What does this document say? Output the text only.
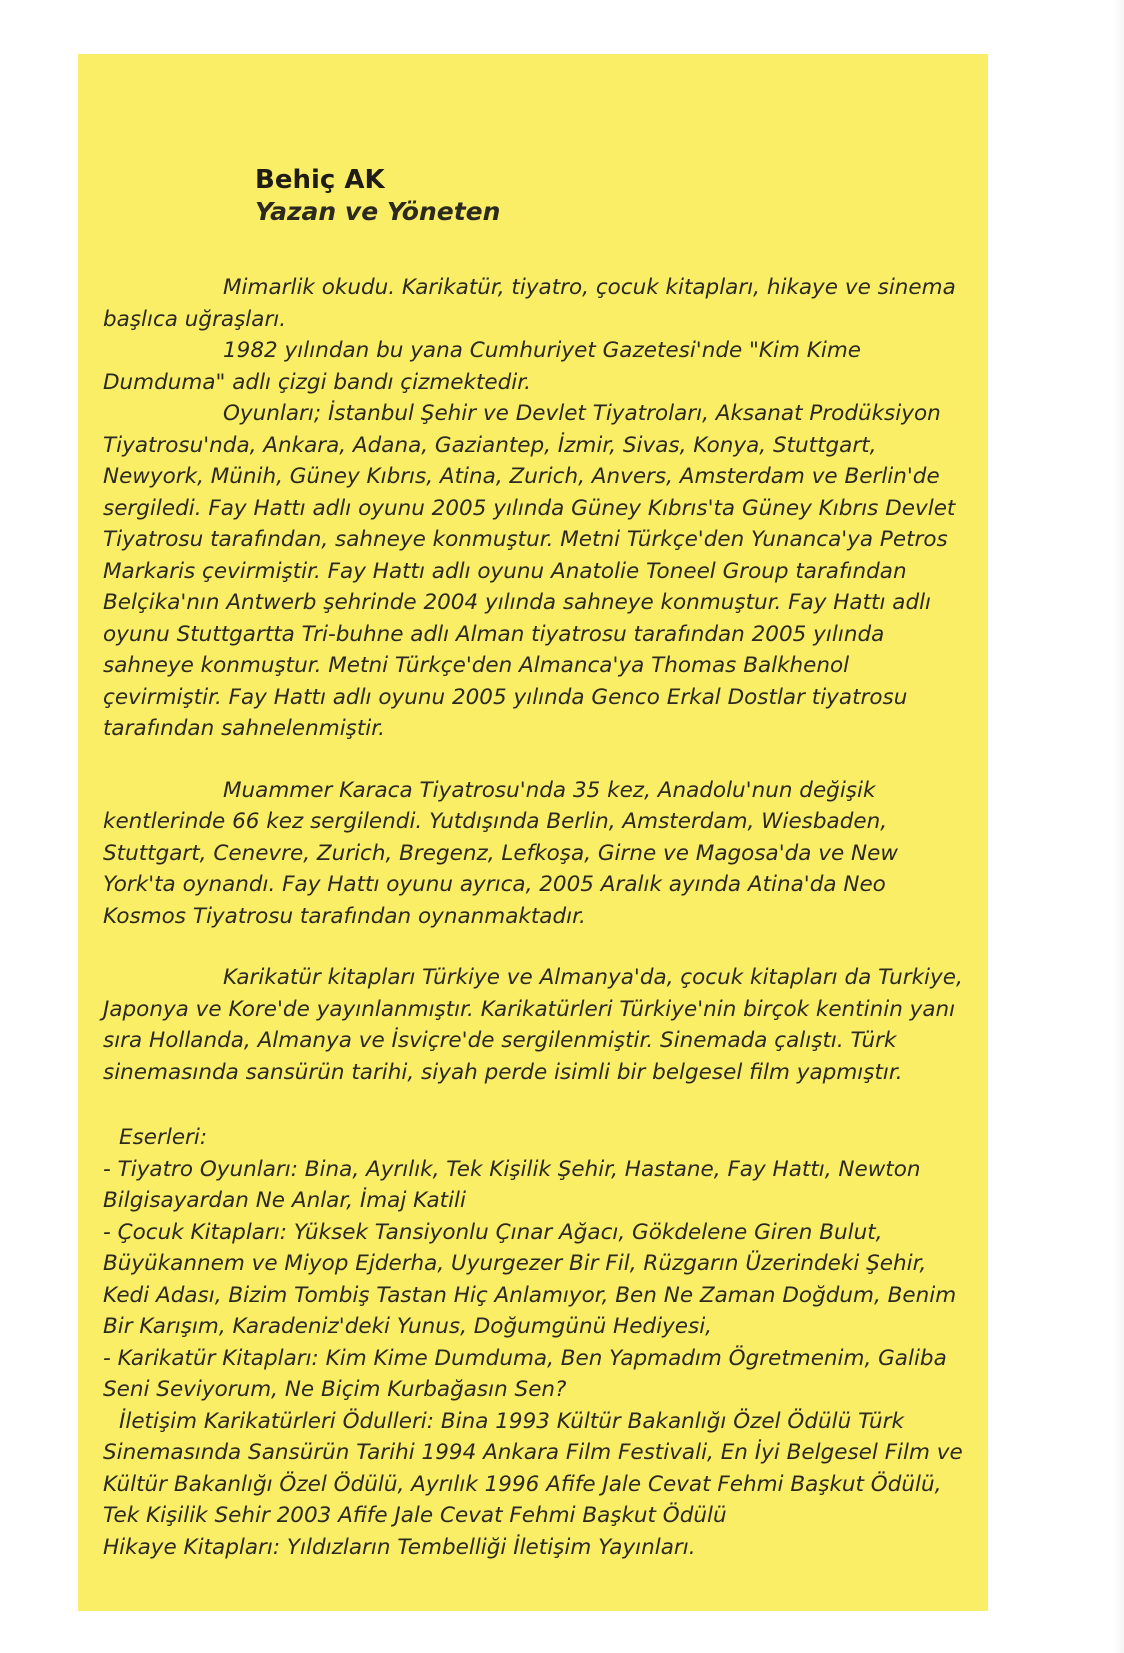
Behiç AK
Yazan ve Yöneten

Mimarlik okudu. Karikatür, tiyatro, çocuk kitapları, hikaye ve sinema başlıca uğraşları.

1982 yılından bu yana Cumhuriyet Gazetesi'nde "Kim Kime Dumduma" adlı çizgi bandı çizmektedir.

Oyunları; İstanbul Şehir ve Devlet Tiyatroları, Aksanat Prodüksiyon Tiyatrosu'nda, Ankara, Adana, Gaziantep, İzmir, Sivas, Konya, Stuttgart, Newyork, Münih, Güney Kıbrıs, Atina, Zurich, Anvers, Amsterdam ve Berlin'de sergiledi. Fay Hattı adlı oyunu 2005 yılında Güney Kıbrıs'ta Güney Kıbrıs Devlet Tiyatrosu tarafından, sahneye konmuştur. Metni Türkçe'den Yunanca'ya Petros Markaris çevirmiştir. Fay Hattı adlı oyunu Anatolie Toneel Group tarafından Belçika'nın Antwerb şehrinde 2004 yılında sahneye konmuştur. Fay Hattı adlı oyunu Stuttgartta Tri-buhne adlı Alman tiyatrosu tarafından 2005 yılında sahneye konmuştur. Metni Türkçe'den Almanca'ya Thomas Balkhenol çevirmiştir. Fay Hattı adlı oyunu 2005 yılında Genco Erkal Dostlar tiyatrosu tarafından sahnelenmiştir.

Muammer Karaca Tiyatrosu'nda 35 kez, Anadolu'nun değişik kentlerinde 66 kez sergilendi. Yutdışında Berlin, Amsterdam, Wiesbaden, Stuttgart, Cenevre, Zurich, Bregenz, Lefkoşa, Girne ve Magosa'da ve New York'ta oynandı. Fay Hattı oyunu ayrıca, 2005 Aralık ayında Atina'da Neo Kosmos Tiyatrosu tarafından oynanmaktadır.

Karikatür kitapları Türkiye ve Almanya'da, çocuk kitapları da Turkiye, Japonya ve Kore'de yayınlanmıştır. Karikatürleri Türkiye'nin birçok kentinin yanı sıra Hollanda, Almanya ve İsviçre'de sergilenmiştir. Sinemada çalıştı. Türk sinemasında sansürün tarihi, siyah perde isimli bir belgesel film yapmıştır.

Eserleri:

- Tiyatro Oyunları: Bina, Ayrılık, Tek Kişilik Şehir, Hastane, Fay Hattı, Newton Bilgisayardan Ne Anlar, İmaj Katili

- Çocuk Kitapları: Yüksek Tansiyonlu Çınar Ağacı, Gökdelene Giren Bulut, Büyükannem ve Miyop Ejderha, Uyurgezer Bir Fil, Rüzgarın Üzerindeki Şehir, Kedi Adası, Bizim Tombiş Tastan Hiç Anlamıyor, Ben Ne Zaman Doğdum, Benim Bir Karışım, Karadeniz'deki Yunus, Doğumgünü Hediyesi,

- Karikatür Kitapları: Kim Kime Dumduma, Ben Yapmadım Ögretmenim, Galiba Seni Seviyorum, Ne Biçim Kurbağasın Sen?

İletişim Karikatürleri Ödulleri: Bina 1993 Kültür Bakanlığı Özel Ödülü Türk Sinemasında Sansürün Tarihi 1994 Ankara Film Festivali, En İyi Belgesel Film ve Kültür Bakanlığı Özel Ödülü, Ayrılık 1996 Afife Jale Cevat Fehmi Başkut Ödülü, Tek Kişilik Sehir 2003 Afife Jale Cevat Fehmi Başkut Ödülü

Hikaye Kitapları: Yıldızların Tembelliği İletişim Yayınları.
